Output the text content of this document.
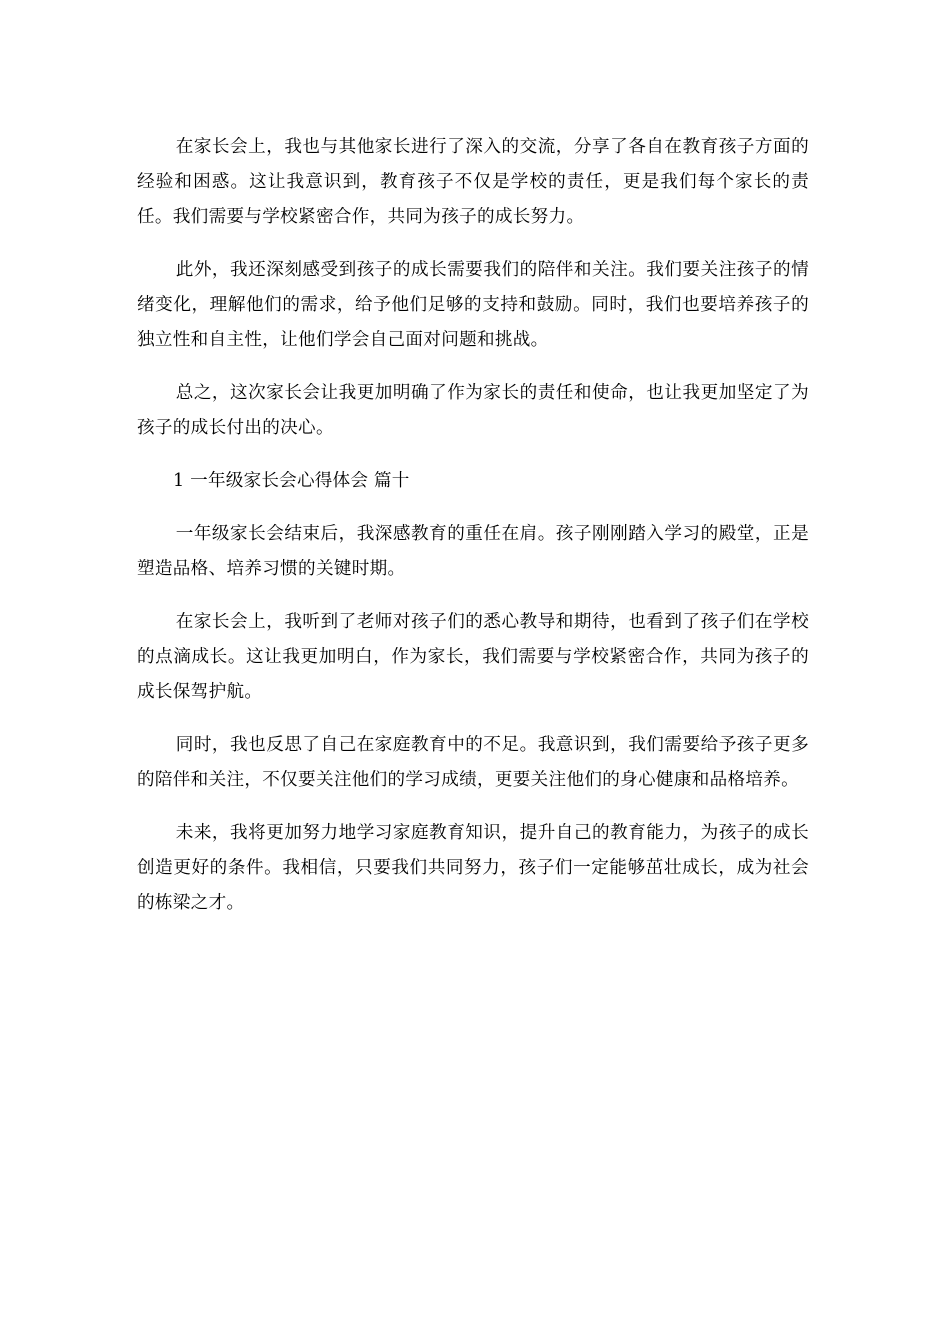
在家长会上，我也与其他家长进行了深入的交流，分享了各自在教育孩子方面的经验和困惑。这让我意识到，教育孩子不仅是学校的责任，更是我们每个家长的责任。我们需要与学校紧密合作，共同为孩子的成长努力。

此外，我还深刻感受到孩子的成长需要我们的陪伴和关注。我们要关注孩子的情绪变化，理解他们的需求，给予他们足够的支持和鼓励。同时，我们也要培养孩子的独立性和自主性，让他们学会自己面对问题和挑战。

总之，这次家长会让我更加明确了作为家长的责任和使命，也让我更加坚定了为孩子的成长付出的决心。

1 一年级家长会心得体会 篇十

一年级家长会结束后，我深感教育的重任在肩。孩子刚刚踏入学习的殿堂，正是塑造品格、培养习惯的关键时期。

在家长会上，我听到了老师对孩子们的悉心教导和期待，也看到了孩子们在学校的点滴成长。这让我更加明白，作为家长，我们需要与学校紧密合作，共同为孩子的成长保驾护航。

同时，我也反思了自己在家庭教育中的不足。我意识到，我们需要给予孩子更多的陪伴和关注，不仅要关注他们的学习成绩，更要关注他们的身心健康和品格培养。

未来，我将更加努力地学习家庭教育知识，提升自己的教育能力，为孩子的成长创造更好的条件。我相信，只要我们共同努力，孩子们一定能够茁壮成长，成为社会的栋梁之才。
